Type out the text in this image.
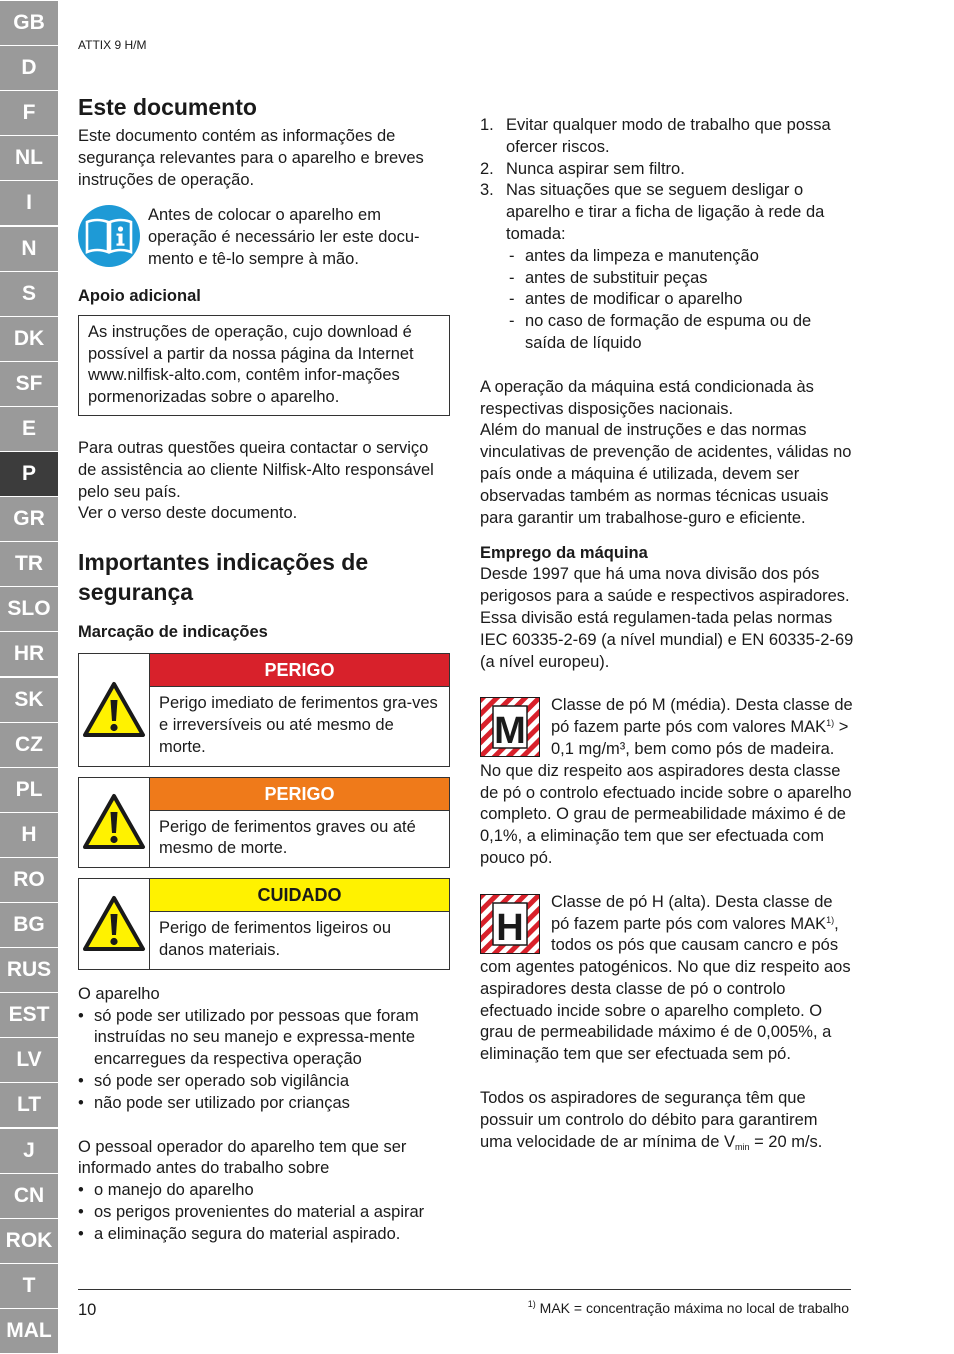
GB
D
F
NL
I
N
S
DK
SF
E
P
GR
TR
SLO
HR
SK
CZ
PL
H
RO
BG
RUS
EST
LV
LT
J
CN
ROK
T
MAL
ATTIX 9 H/M
Este documento

Este documento contém as informações de segurança relevantes para o aparelho e breves instruções de operação.

Antes de colocar o aparelho em operação é necessário ler este docu-mento e tê-lo sempre à mão.
Apoio adicional
As instruções de operação, cujo download é possível a partir da nossa página da Internet www.nilfisk-alto.com, contêm infor-mações pormenorizadas sobre o aparelho.

Para outras questões queira contactar o serviço de assistência ao cliente Nilfisk-Alto responsável pelo seu país.

Ver o verso deste documento.

Importantes indicações de segurança
Marcação de indicações
PERIGO
Perigo imediato de ferimentos gra-ves e irreversíveis ou até mesmo de morte.
PERIGO
Perigo de ferimentos graves ou até mesmo de morte.
CUIDADO
Perigo de ferimentos ligeiros ou danos materiais.

O aparelho

• só pode ser utilizado por pessoas que foram instruídas no seu manejo e expressa-mente encarregues da respectiva operação
• só pode ser operado sob vigilância
• não pode ser utilizado por crianças

O pessoal operador do aparelho tem que ser informado antes do trabalho sobre

• o manejo do aparelho
• os perigos provenientes do material a aspirar
• a eliminação segura do material aspirado.
1. Evitar qualquer modo de trabalho que possa ofercer riscos.
2. Nunca aspirar sem filtro.
3. Nas situações que se seguem desligar o aparelho e tirar a ficha de ligação à rede da tomada:
- antes da limpeza e manutenção
- antes de substituir peças
- antes de modificar o aparelho
- no caso de formação de espuma ou de saída de líquido

A operação da máquina está condicionada às respectivas disposições nacionais.

Além do manual de instruções e das normas vinculativas de prevenção de acidentes, válidas no país onde a máquina é utilizada, devem ser observadas também as normas técnicas usuais para garantir um trabalhose-guro e eficiente.

Emprego da máquina

Desde 1997 que há uma nova divisão dos pós perigosos para a saúde e respectivos aspiradores. Essa divisão está regulamen-tada pelas normas IEC 60335-2-69 (a nível mundial) e EN 60335-2-69 (a nível europeu).

M
Classe de pó M (média). Desta classe de pó fazem parte pós com valores $MAK^{1)} > 0,1$ mg/m³, bem como pós de madeira. No que diz respeito aos aspiradores desta classe de pó o controlo efectuado incide sobre o aparelho completo. O grau de permeabilidade máximo é de 0,1%, a eliminação tem que ser efectuada com pouco pó.
H
Classe de pó H (alta). Desta classe de pó fazem parte pós com valores MAK$^{1)}$, todos os pós que causam cancro e pós com agentes patogénicos. No que diz respeito aos aspiradores desta classe de pó o controlo efectuado incide sobre o aparelho completo. O grau de permeabilidade máximo é de 0,005%, a eliminação tem que ser efectuada sem pó.

Todos os aspiradores de segurança têm que possuir um controlo do débito para garantirem uma velocidade de ar mínima de $V_{min} = 20$ m/s.

10	$^{1)}$ MAK = concentração máxima no local de trabalho
